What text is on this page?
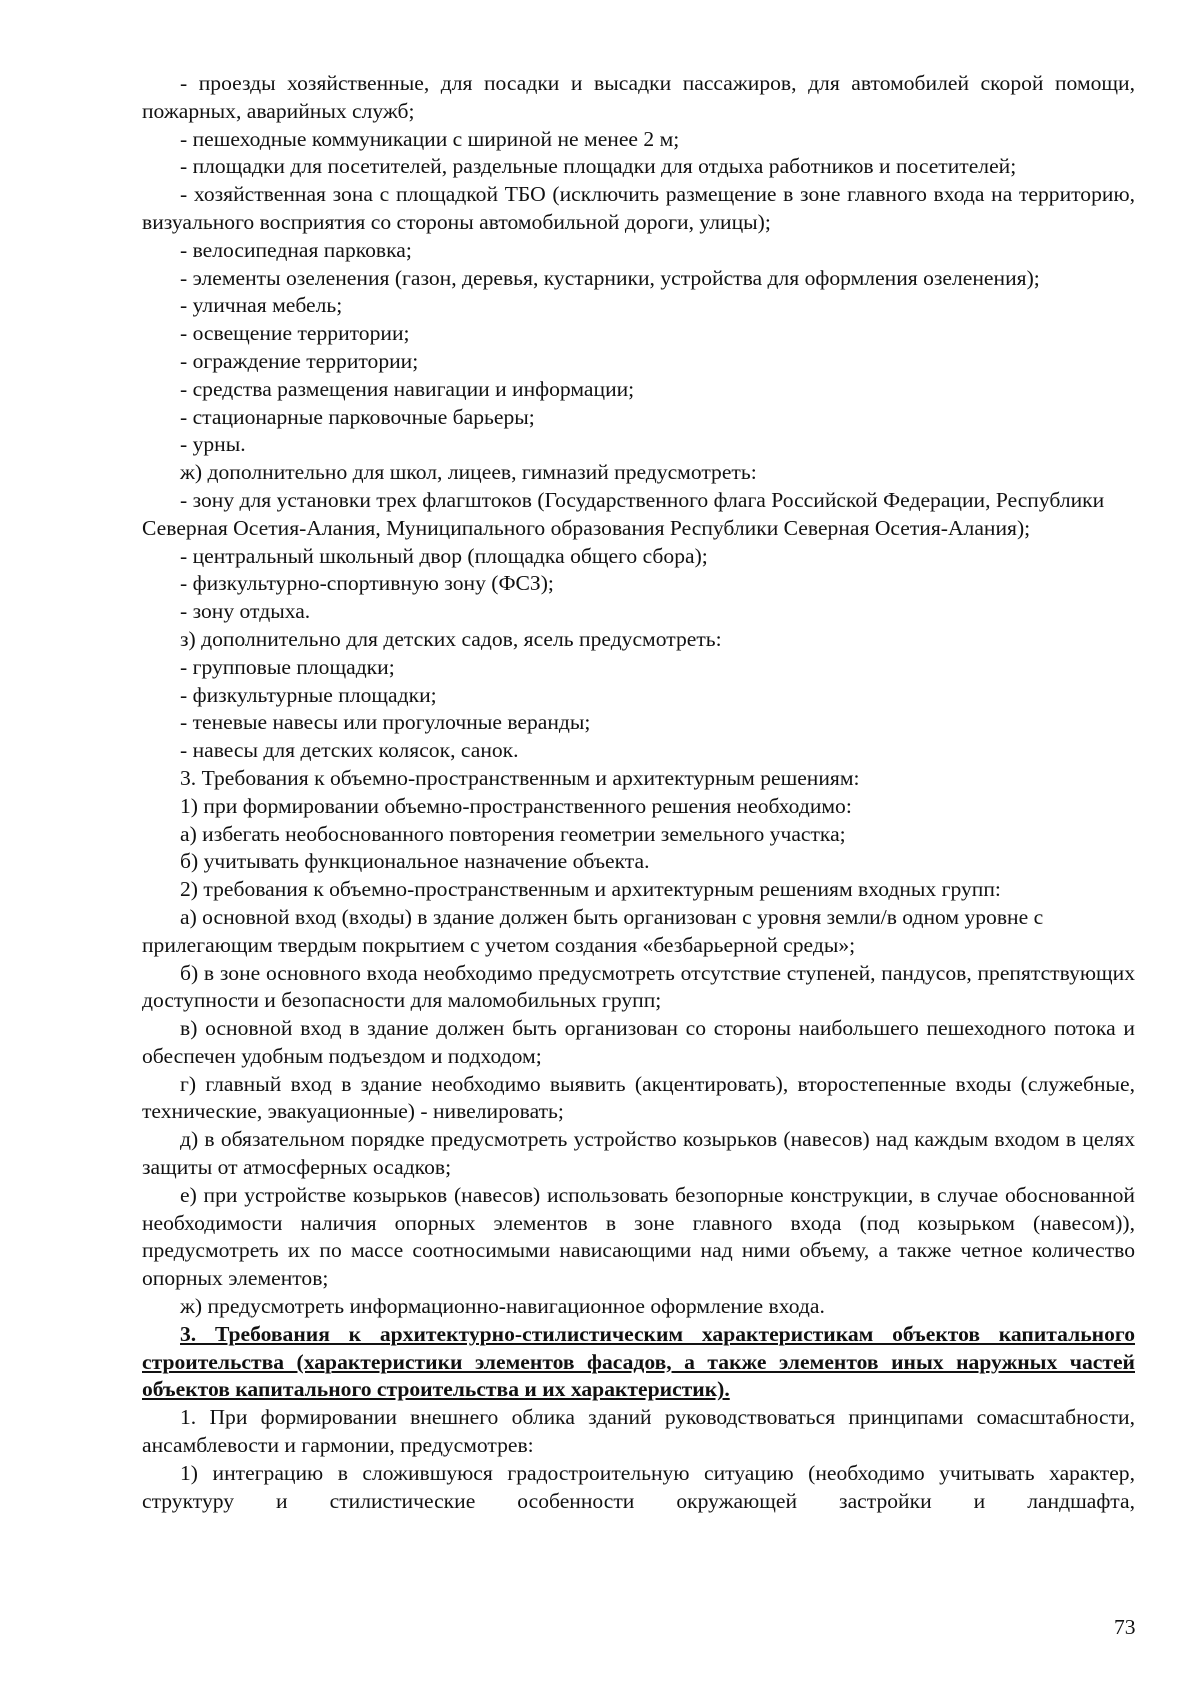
- проезды хозяйственные, для посадки и высадки пассажиров, для автомобилей скорой помощи, пожарных, аварийных служб;

- пешеходные коммуникации с шириной не менее 2 м;

- площадки для посетителей, раздельные площадки для отдыха работников и посетителей;

- хозяйственная зона с площадкой ТБО (исключить размещение в зоне главного входа на территорию, визуального восприятия со стороны автомобильной дороги, улицы);

- велосипедная парковка;

- элементы озеленения (газон, деревья, кустарники, устройства для оформления озеленения);

- уличная мебель;

- освещение территории;

- ограждение территории;

- средства размещения навигации и информации;

- стационарные парковочные барьеры;

- урны.

ж) дополнительно для школ, лицеев, гимназий предусмотреть:

- зону для установки трех флагштоков (Государственного флага Российской Федерации, Республики Северная Осетия-Алания, Муниципального образования Республики Северная Осетия-Алания);

- центральный школьный двор (площадка общего сбора);

- физкультурно-спортивную зону (ФСЗ);

- зону отдыха.

з) дополнительно для детских садов, ясель предусмотреть:

- групповые площадки;

- физкультурные площадки;

- теневые навесы или прогулочные веранды;

- навесы для детских колясок, санок.

3. Требования к объемно-пространственным и архитектурным решениям:

1) при формировании объемно-пространственного решения необходимо:

а) избегать необоснованного повторения геометрии земельного участка;

б) учитывать функциональное назначение объекта.

2) требования к объемно-пространственным и архитектурным решениям входных групп:

а) основной вход (входы) в здание должен быть организован с уровня земли/в одном уровне с прилегающим твердым покрытием с учетом создания «безбарьерной среды»;

б) в зоне основного входа необходимо предусмотреть отсутствие ступеней, пандусов, препятствующих доступности и безопасности для маломобильных групп;

в) основной вход в здание должен быть организован со стороны наибольшего пешеходного потока и обеспечен удобным подъездом и подходом;

г) главный вход в здание необходимо выявить (акцентировать), второстепенные входы (служебные, технические, эвакуационные) - нивелировать;

д) в обязательном порядке предусмотреть устройство козырьков (навесов) над каждым входом в целях защиты от атмосферных осадков;

е) при устройстве козырьков (навесов) использовать безопорные конструкции, в случае обоснованной необходимости наличия опорных элементов в зоне главного входа (под козырьком (навесом)), предусмотреть их по массе соотносимыми нависающими над ними объему, а также четное количество опорных элементов;

ж) предусмотреть информационно-навигационное оформление входа.

3. Требования к архитектурно-стилистическим характеристикам объектов капитального строительства (характеристики элементов фасадов, а также элементов иных наружных частей объектов капитального строительства и их характеристик).

1. При формировании внешнего облика зданий руководствоваться принципами сомасштабности, ансамблевости и гармонии, предусмотрев:

1) интеграцию в сложившуюся градостроительную ситуацию (необходимо учитывать характер, структуру и стилистические особенности окружающей застройки и ландшафта,

73
